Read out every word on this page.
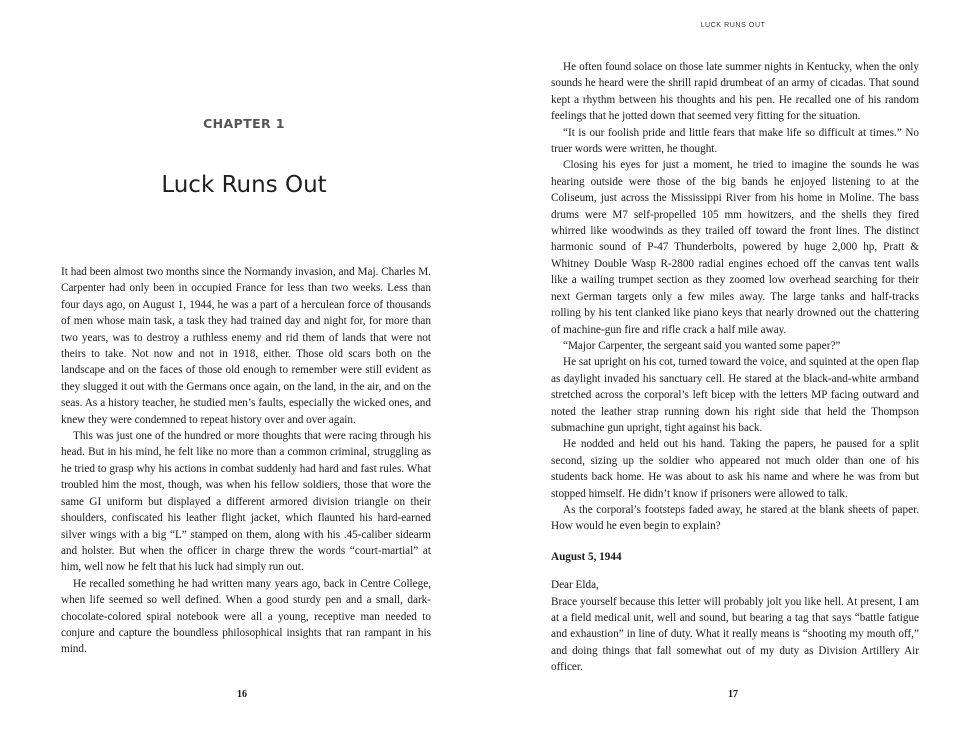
CHAPTER 1
Luck Runs Out

It had been almost two months since the Normandy invasion, and Maj. Charles M. Carpenter had only been in occupied France for less than two weeks. Less than four days ago, on August 1, 1944, he was a part of a herculean force of thousands of men whose main task, a task they had trained day and night for, for more than two years, was to destroy a ruthless enemy and rid them of lands that were not theirs to take. Not now and not in 1918, either. Those old scars both on the landscape and on the faces of those old enough to remember were still evident as they slugged it out with the Germans once again, on the land, in the air, and on the seas. As a history teacher, he studied men’s faults, especially the wicked ones, and knew they were condemned to repeat history over and over again.

This was just one of the hundred or more thoughts that were racing through his head. But in his mind, he felt like no more than a common criminal, struggling as he tried to grasp why his actions in combat suddenly had hard and fast rules. What troubled him the most, though, was when his fellow soldiers, those that wore the same GI uniform but displayed a different armored division triangle on their shoulders, confiscated his leather flight jacket, which flaunted his hard-earned silver wings with a big “L” stamped on them, along with his .45-caliber sidearm and holster. But when the officer in charge threw the words “court-martial” at him, well now he felt that his luck had simply run out.

He recalled something he had written many years ago, back in Centre College, when life seemed so well defined. When a good sturdy pen and a small, dark-chocolate-colored spiral notebook were all a young, receptive man needed to conjure and capture the boundless philosophical insights that ran rampant in his mind.

16
LUCK RUNS OUT

He often found solace on those late summer nights in Kentucky, when the only sounds he heard were the shrill rapid drumbeat of an army of cicadas. That sound kept a rhythm between his thoughts and his pen. He recalled one of his random feelings that he jotted down that seemed very fitting for the situation.

“It is our foolish pride and little fears that make life so difficult at times.” No truer words were written, he thought.

Closing his eyes for just a moment, he tried to imagine the sounds he was hearing outside were those of the big bands he enjoyed listening to at the Coliseum, just across the Mississippi River from his home in Moline. The bass drums were M7 self-propelled 105 mm howitzers, and the shells they fired whirred like woodwinds as they trailed off toward the front lines. The distinct harmonic sound of P-47 Thunderbolts, powered by huge 2,000 hp, Pratt & Whitney Double Wasp R-2800 radial engines echoed off the canvas tent walls like a wailing trumpet section as they zoomed low overhead searching for their next German targets only a few miles away. The large tanks and half-tracks rolling by his tent clanked like piano keys that nearly drowned out the chattering of machine-gun fire and rifle crack a half mile away.

“Major Carpenter, the sergeant said you wanted some paper?”

He sat upright on his cot, turned toward the voice, and squinted at the open flap as daylight invaded his sanctuary cell. He stared at the black-and-white armband stretched across the corporal’s left bicep with the letters MP facing outward and noted the leather strap running down his right side that held the Thompson submachine gun upright, tight against his back.

He nodded and held out his hand. Taking the papers, he paused for a split second, sizing up the soldier who appeared not much older than one of his students back home. He was about to ask his name and where he was from but stopped himself. He didn’t know if prisoners were allowed to talk.

As the corporal’s footsteps faded away, he stared at the blank sheets of paper. How would he even begin to explain?

August 5, 1944

Dear Elda,

Brace yourself because this letter will probably jolt you like hell. At present, I am at a field medical unit, well and sound, but bearing a tag that says “battle fatigue and exhaustion” in line of duty. What it really means is “shooting my mouth off,” and doing things that fall somewhat out of my duty as Division Artillery Air officer.

17
